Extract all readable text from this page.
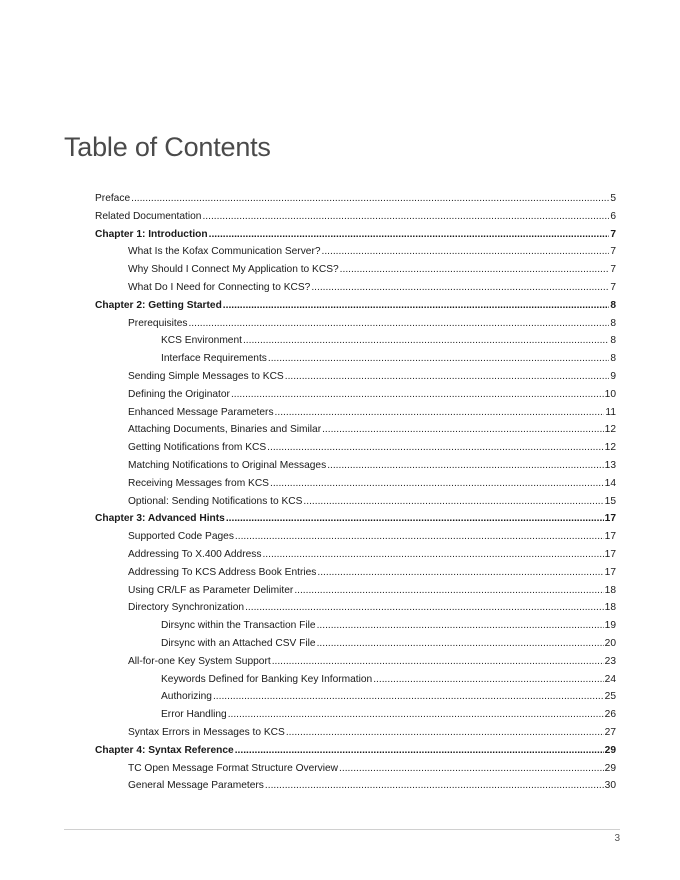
Table of Contents
Preface .....	5
Related Documentation .....	6
Chapter 1: Introduction .....	7
What Is the Kofax Communication Server? .....	7
Why Should I Connect My Application to KCS? .....	7
What Do I Need for Connecting to KCS? .....	7
Chapter 2: Getting Started .....	8
Prerequisites .....	8
KCS Environment .....	8
Interface Requirements .....	8
Sending Simple Messages to KCS .....	9
Defining the Originator .....	10
Enhanced Message Parameters .....	11
Attaching Documents, Binaries and Similar .....	12
Getting Notifications from KCS .....	12
Matching Notifications to Original Messages .....	13
Receiving Messages from KCS .....	14
Optional: Sending Notifications to KCS .....	15
Chapter 3: Advanced Hints .....	17
Supported Code Pages .....	17
Addressing To X.400 Address .....	17
Addressing To KCS Address Book Entries .....	17
Using CR/LF as Parameter Delimiter .....	18
Directory Synchronization .....	18
Dirsync within the Transaction File .....	19
Dirsync with an Attached CSV File .....	20
All-for-one Key System Support .....	23
Keywords Defined for Banking Key Information .....	24
Authorizing .....	25
Error Handling .....	26
Syntax Errors in Messages to KCS .....	27
Chapter 4: Syntax Reference .....	29
TC Open Message Format Structure Overview .....	29
General Message Parameters .....	30
3
